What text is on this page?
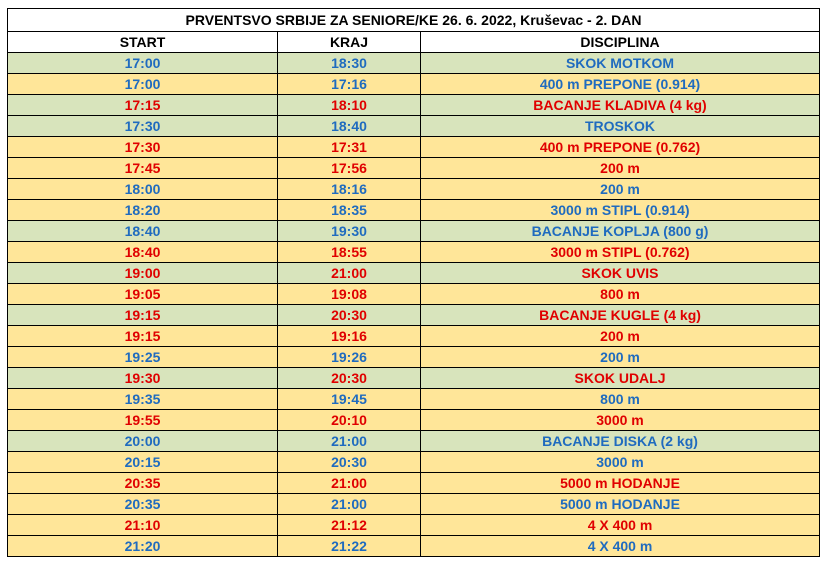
PRVENTSVO SRBIJE ZA SENIORE/KE 26. 6. 2022, Kruševac - 2. DAN		
START	KRAJ	DISCIPLINA
17:00	18:30	SKOK MOTKOM
17:00	17:16	400 m PREPONE (0.914)
17:15	18:10	BACANJE KLADIVA (4 kg)
17:30	18:40	TROSKOK
17:30	17:31	400 m PREPONE (0.762)
17:45	17:56	200 m
18:00	18:16	200 m
18:20	18:35	3000 m STIPL (0.914)
18:40	19:30	BACANJE KOPLJA (800 g)
18:40	18:55	3000 m STIPL (0.762)
19:00	21:00	SKOK UVIS
19:05	19:08	800 m
19:15	20:30	BACANJE KUGLE (4 kg)
19:15	19:16	200 m
19:25	19:26	200 m
19:30	20:30	SKOK UDALJ
19:35	19:45	800 m
19:55	20:10	3000 m
20:00	21:00	BACANJE DISKA (2 kg)
20:15	20:30	3000 m
20:35	21:00	5000 m HODANJE
20:35	21:00	5000 m HODANJE
21:10	21:12	4 X 400 m
21:20	21:22	4 X 400 m
